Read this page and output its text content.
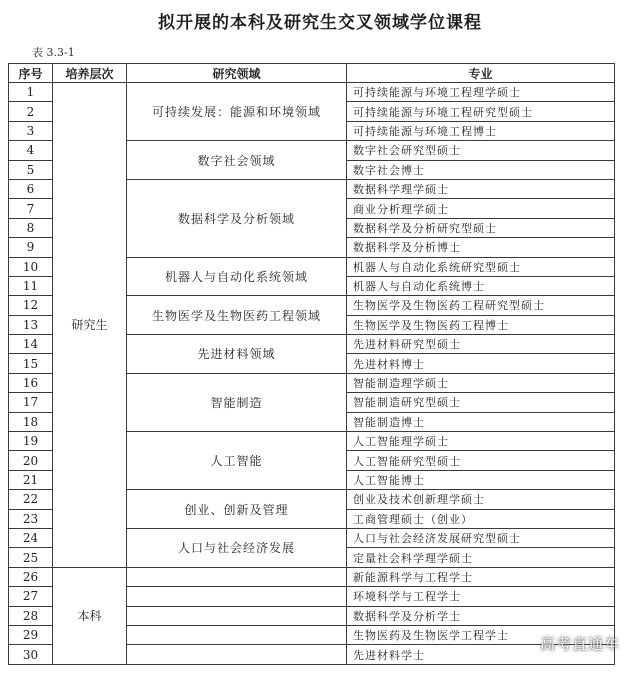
拟开展的本科及研究生交叉领域学位课程
表 3.3-1
序号	培养层次	研究领域	专业
1	研究生	可持续发展：能源和环境领域	可持续能源与环境工程理学硕士
2			可持续能源与环境工程研究型硕士
3			可持续能源与环境工程博士
4		数字社会领域	数字社会研究型硕士
5			数字社会博士
6		数据科学及分析领域	数据科学理学硕士
7			商业分析理学硕士
8			数据科学及分析研究型硕士
9			数据科学及分析博士
10		机器人与自动化系统领域	机器人与自动化系统研究型硕士
11			机器人与自动化系统博士
12		生物医学及生物医药工程领域	生物医学及生物医药工程研究型硕士
13			生物医学及生物医药工程博士
14		先进材料领域	先进材料研究型硕士
15			先进材料博士
16		智能制造	智能制造理学硕士
17			智能制造研究型硕士
18			智能制造博士
19		人工智能	人工智能理学硕士
20			人工智能研究型硕士
21			人工智能博士
22		创业、创新及管理	创业及技术创新理学硕士
23			工商管理硕士（创业）
24		人口与社会经济发展	人口与社会经济发展研究型硕士
25			定量社会科学理学硕士
26	本科		新能源科学与工程学士
27			环境科学与工程学士
28			数据科学及分析学士
29			生物医药及生物医学工程学士
30			先进材料学士
高考直通车
